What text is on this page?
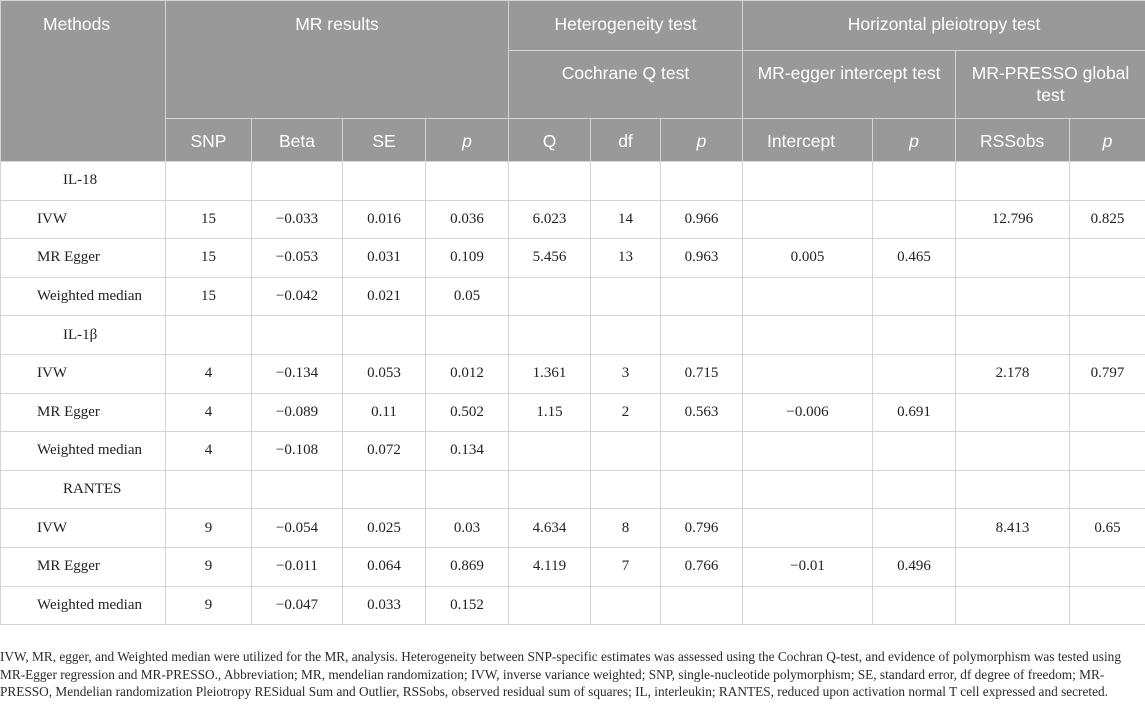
Methods	MR results				Heterogeneity test			Horizontal pleiotropy test			
					Cochrane Q test			MR-egger intercept test		MR-PRESSO global test	
	SNP	Beta	SE	p	Q	df	p	Intercept	p	RSSobs	p
IL-18											
IVW	15	−0.033	0.016	0.036	6.023	14	0.966			12.796	0.825
MR Egger	15	−0.053	0.031	0.109	5.456	13	0.963	0.005	0.465		
Weighted median	15	−0.042	0.021	0.05							
IL-1β											
IVW	4	−0.134	0.053	0.012	1.361	3	0.715			2.178	0.797
MR Egger	4	−0.089	0.11	0.502	1.15	2	0.563	−0.006	0.691		
Weighted median	4	−0.108	0.072	0.134							
RANTES											
IVW	9	−0.054	0.025	0.03	4.634	8	0.796			8.413	0.65
MR Egger	9	−0.011	0.064	0.869	4.119	7	0.766	−0.01	0.496		
Weighted median	9	−0.047	0.033	0.152							

IVW, MR, egger, and Weighted median were utilized for the MR, analysis. Heterogeneity between SNP-specific estimates was assessed using the Cochran Q-test, and evidence of polymorphism was tested using MR-Egger regression and MR-PRESSO., Abbreviation; MR, mendelian randomization; IVW, inverse variance weighted; SNP, single-nucleotide polymorphism; SE, standard error, df degree of freedom; MR-PRESSO, Mendelian randomization Pleiotropy RESidual Sum and Outlier, RSSobs, observed residual sum of squares; IL, interleukin; RANTES, reduced upon activation normal T cell expressed and secreted.
